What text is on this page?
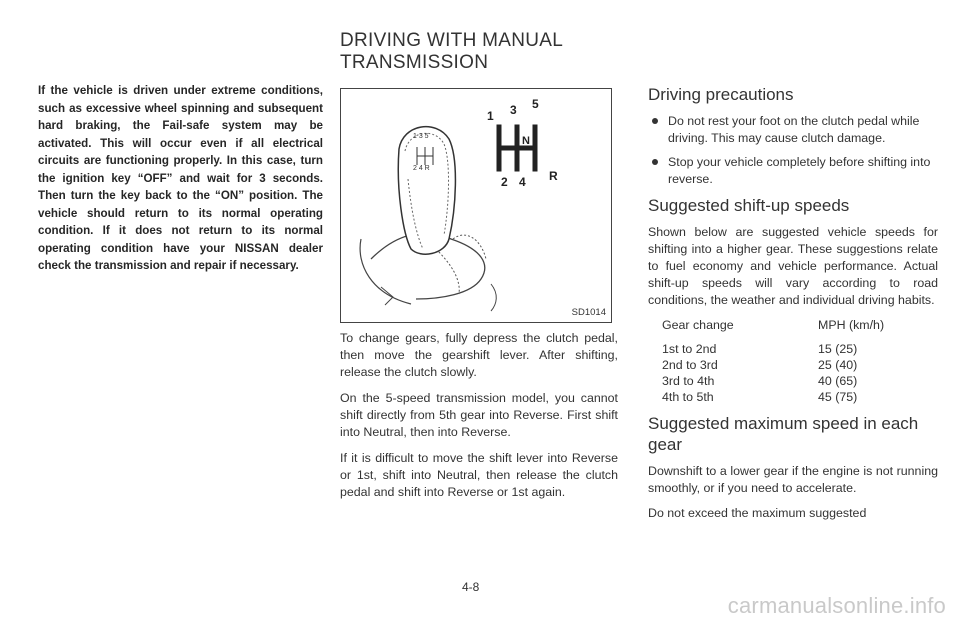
DRIVING WITH MANUAL
TRANSMISSION
If the vehicle is driven under extreme conditions, such as excessive wheel spinning and subsequent hard braking, the Fail-safe system may be activated. This will occur even if all electrical circuits are functioning properly. In this case, turn the ignition key “OFF” and wait for 3 seconds. Then turn the key back to the “ON” position. The vehicle should return to its normal operating condition. If it does not return to its normal operating condition have your NISSAN dealer check the transmission and repair if necessary.
1 3 5
N
2 4 R
1 3 5
2 4 R
SD1014

To change gears, fully depress the clutch pedal, then move the gearshift lever. After shifting, release the clutch slowly.

On the 5-speed transmission model, you cannot shift directly from 5th gear into Reverse. First shift into Neutral, then into Reverse.

If it is difficult to move the shift lever into Reverse or 1st, shift into Neutral, then release the clutch pedal and shift into Reverse or 1st again.

Driving precautions
Do not rest your foot on the clutch pedal while driving. This may cause clutch damage.
Stop your vehicle completely before shifting into reverse.
Suggested shift-up speeds
Shown below are suggested vehicle speeds for shifting into a higher gear. These suggestions relate to fuel economy and vehicle performance. Actual shift-up speeds will vary according to road conditions, the weather and individual driving habits.
Gear change	MPH (km/h)
1st to 2nd	15 (25)
2nd to 3rd	25 (40)
3rd to 4th	40 (65)
4th to 5th	45 (75)
Suggested maximum speed in each gear
Downshift to a lower gear if the engine is not running smoothly, or if you need to accelerate.
Do not exceed the maximum suggested
4-8
carmanualsonline.info
